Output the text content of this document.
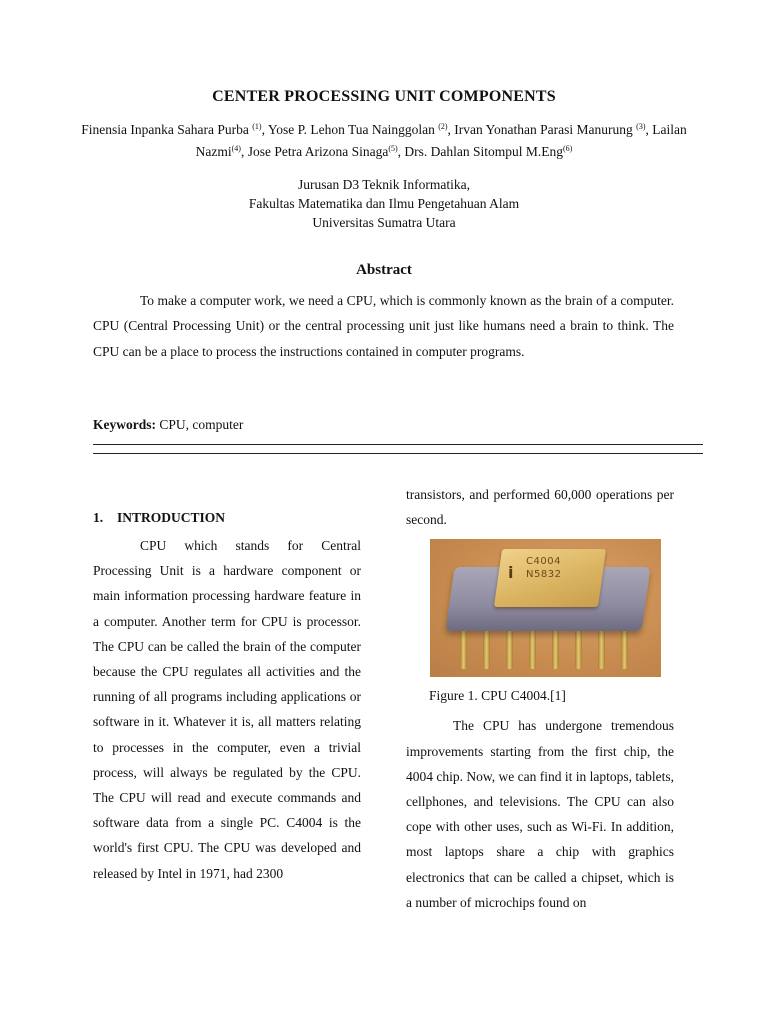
CENTER PROCESSING UNIT COMPONENTS
Finensia Inpanka Sahara Purba $^{(1)}$, Yose P. Lehon Tua Nainggolan $^{(2)}$, Irvan Yonathan Parasi Manurung $^{(3)}$, Lailan Nazmi$^{(4)}$, Jose Petra Arizona Sinaga$^{(5)}$, Drs. Dahlan Sitompul M.Eng$^{(6)}$
Jurusan D3 Teknik Informatika,
Fakultas Matematika dan Ilmu Pengetahuan Alam
Universitas Sumatra Utara
Abstract

To make a computer work, we need a CPU, which is commonly known as the brain of a computer. CPU (Central Processing Unit) or the central processing unit just like humans need a brain to think. The CPU can be a place to process the instructions contained in computer programs.

Keywords: CPU, computer
1. INTRODUCTION

CPU which stands for Central Processing Unit is a hardware component or main information processing hardware feature in a computer. Another term for CPU is processor. The CPU can be called the brain of the computer because the CPU regulates all activities and the running of all programs including applications or software in it. Whatever it is, all matters relating to processes in the computer, even a trivial process, will always be regulated by the CPU. The CPU will read and execute commands and software data from a single PC. C4004 is the world's first CPU. The CPU was developed and released by Intel in 1971, had 2300

transistors, and performed 60,000 operations per second.

i
C4004
N5832
Figure 1. CPU C4004.[1]

The CPU has undergone tremendous improvements starting from the first chip, the 4004 chip. Now, we can find it in laptops, tablets, cellphones, and televisions. The CPU can also cope with other uses, such as Wi-Fi. In addition, most laptops share a chip with graphics electronics that can be called a chipset, which is a number of microchips found on
